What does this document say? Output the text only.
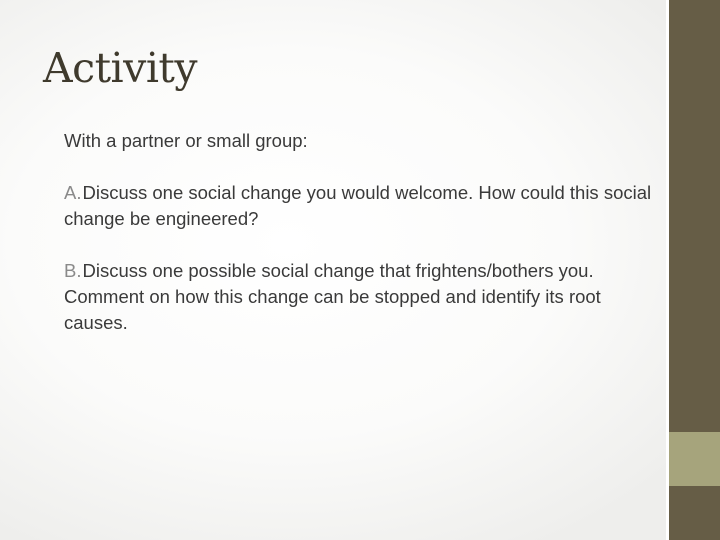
Activity

With a partner or small group:

A.Discuss one social change you would welcome. How could this social change be engineered?

B.Discuss one possible social change that frightens/bothers you. Comment on how this change can be stopped and identify its root causes.
